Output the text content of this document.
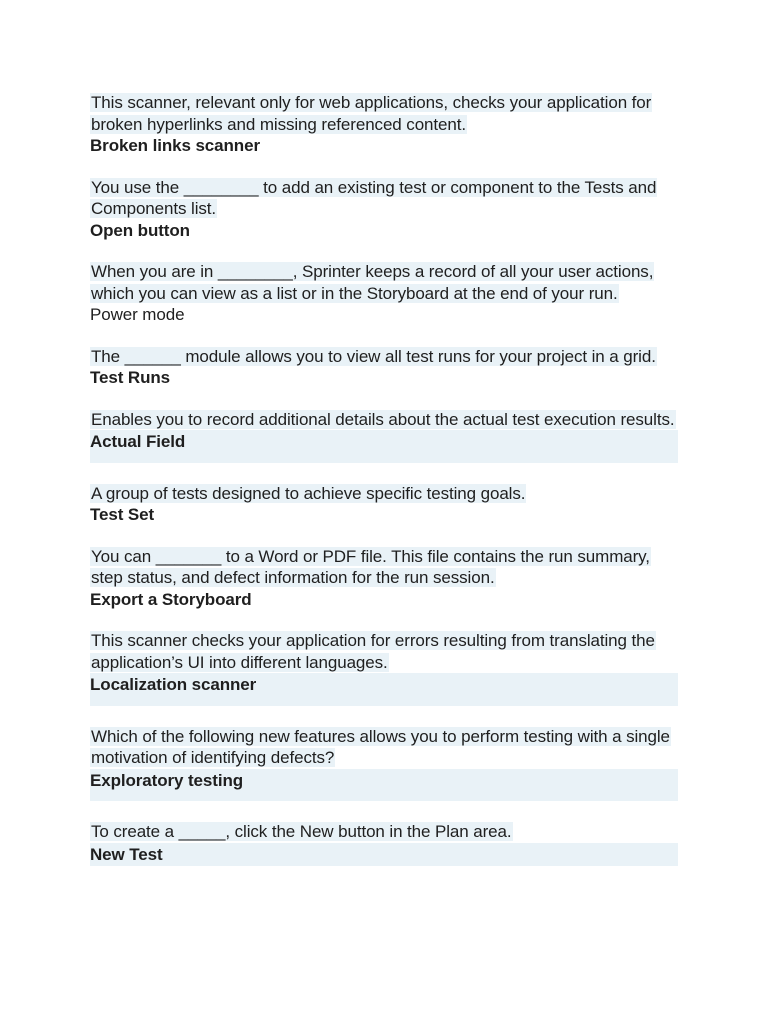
This scanner, relevant only for web applications, checks your application for broken hyperlinks and missing referenced content.
Broken links scanner
You use the ________ to add an existing test or component to the Tests and Components list.
Open button
When you are in ________, Sprinter keeps a record of all your user actions, which you can view as a list or in the Storyboard at the end of your run.
Power mode
The ______ module allows you to view all test runs for your project in a grid.
Test Runs
Enables you to record additional details about the actual test execution results.
Actual Field
A group of tests designed to achieve specific testing goals.
Test Set
You can _______ to a Word or PDF file. This file contains the run summary, step status, and defect information for the run session.
Export a Storyboard
This scanner checks your application for errors resulting from translating the application’s UI into different languages.
Localization scanner
Which of the following new features allows you to perform testing with a single motivation of identifying defects?
Exploratory testing
To create a _____, click the New button in the Plan area.
New Test
